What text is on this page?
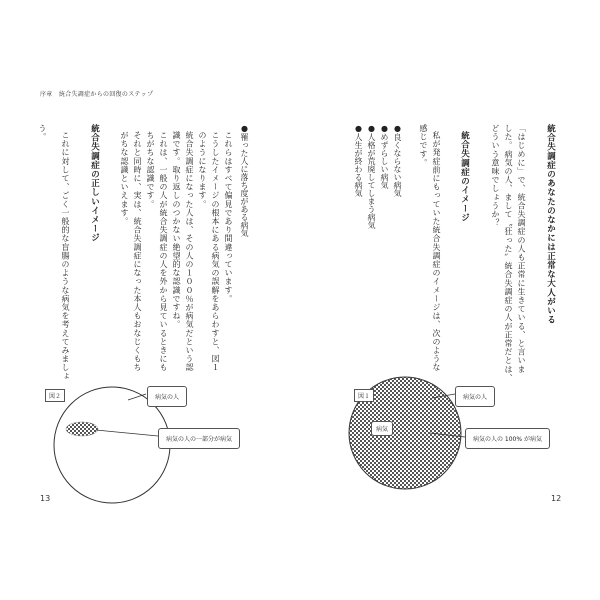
序章　統合失調症からの回復のステップ
●罹った人に落ち度がある病気
これらはすべて偏見であり間違っています。
こうしたイメージの根本にある病気の誤解をあらわすと、図１
のようになります。
統合失調症になった人は、その人の１００％が病気だという認
識です。取り返しのつかない絶望的な認識ですね。
これは、一般の人が統合失調症の人を外から見ているときにも
ちがちな認識です。
それと同時に、実は、統合失調症になった本人もおなじくもち
がちな認識といえます。
統合失調症の正しいイメージ
これに対して、ごく一般的な盲腸のような病気を考えてみましょ
う。
図２	病気の人
病気の人の一部分が病気
13
統合失調症のあなたのなかには正常な大人がいる
「はじめに」で、統合失調症の人も正常に生きている、と言いま
した。病気の人、まして〝狂った〟統合失調症の人が正常だとは、
どういう意味でしょうか？
統合失調症のイメージ
私が発症前にもっていた統合失調症のイメージは、次のような
感じです。
●良くならない病気
●めずらしい病気
●人格が荒廃してしまう病気
●人生が終わる病気
図１
病気
病気の人
病気の人の 100% が病気
12
